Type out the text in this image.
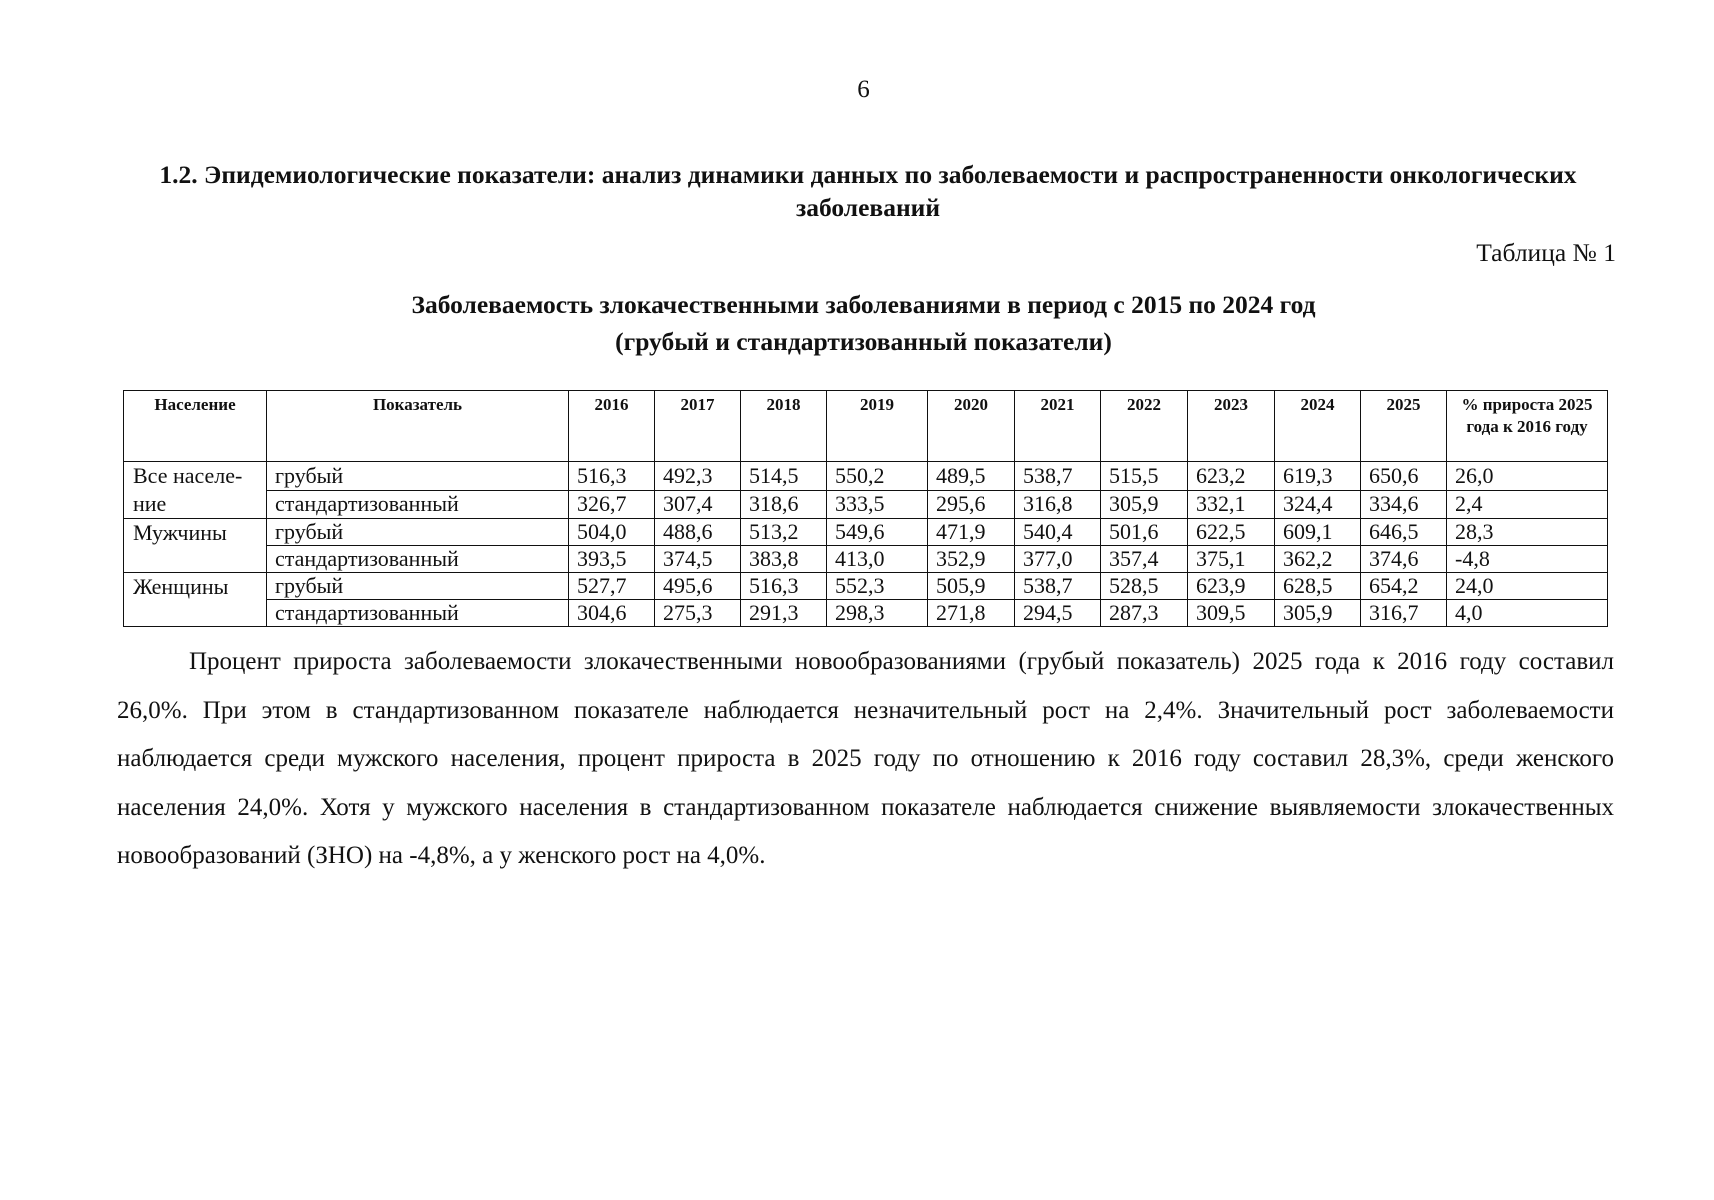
6
1.2. Эпидемиологические показатели: анализ динамики данных по заболеваемости и распространенности онкологических заболеваний
Таблица № 1
Заболеваемость злокачественными заболеваниями в период с 2015 по 2024 год
(грубый и стандартизованный показатели)
Население	Показатель	2016	2017	2018	2019	2020	2021	2022	2023	2024	2025	% прироста 2025 года к 2016 году
Все населе-ние	грубый	516,3	492,3	514,5	550,2	489,5	538,7	515,5	623,2	619,3	650,6	26,0
	стандартизованный	326,7	307,4	318,6	333,5	295,6	316,8	305,9	332,1	324,4	334,6	2,4
Мужчины	грубый	504,0	488,6	513,2	549,6	471,9	540,4	501,6	622,5	609,1	646,5	28,3
	стандартизованный	393,5	374,5	383,8	413,0	352,9	377,0	357,4	375,1	362,2	374,6	-4,8
Женщины	грубый	527,7	495,6	516,3	552,3	505,9	538,7	528,5	623,9	628,5	654,2	24,0
	стандартизованный	304,6	275,3	291,3	298,3	271,8	294,5	287,3	309,5	305,9	316,7	4,0

Процент прироста заболеваемости злокачественными новообразованиями (грубый показатель) 2025 года к 2016 году составил 26,0%. При этом в стандартизованном показателе наблюдается незначительный рост на 2,4%. Значительный рост заболеваемости наблюдается среди мужского населения, процент прироста в 2025 году по отношению к 2016 году составил 28,3%, среди женского населения 24,0%. Хотя у мужского населения в стандартизованном показателе наблюдается снижение выявляемости злокачественных новообразований (ЗНО) на -4,8%, а у женского рост на 4,0%.
